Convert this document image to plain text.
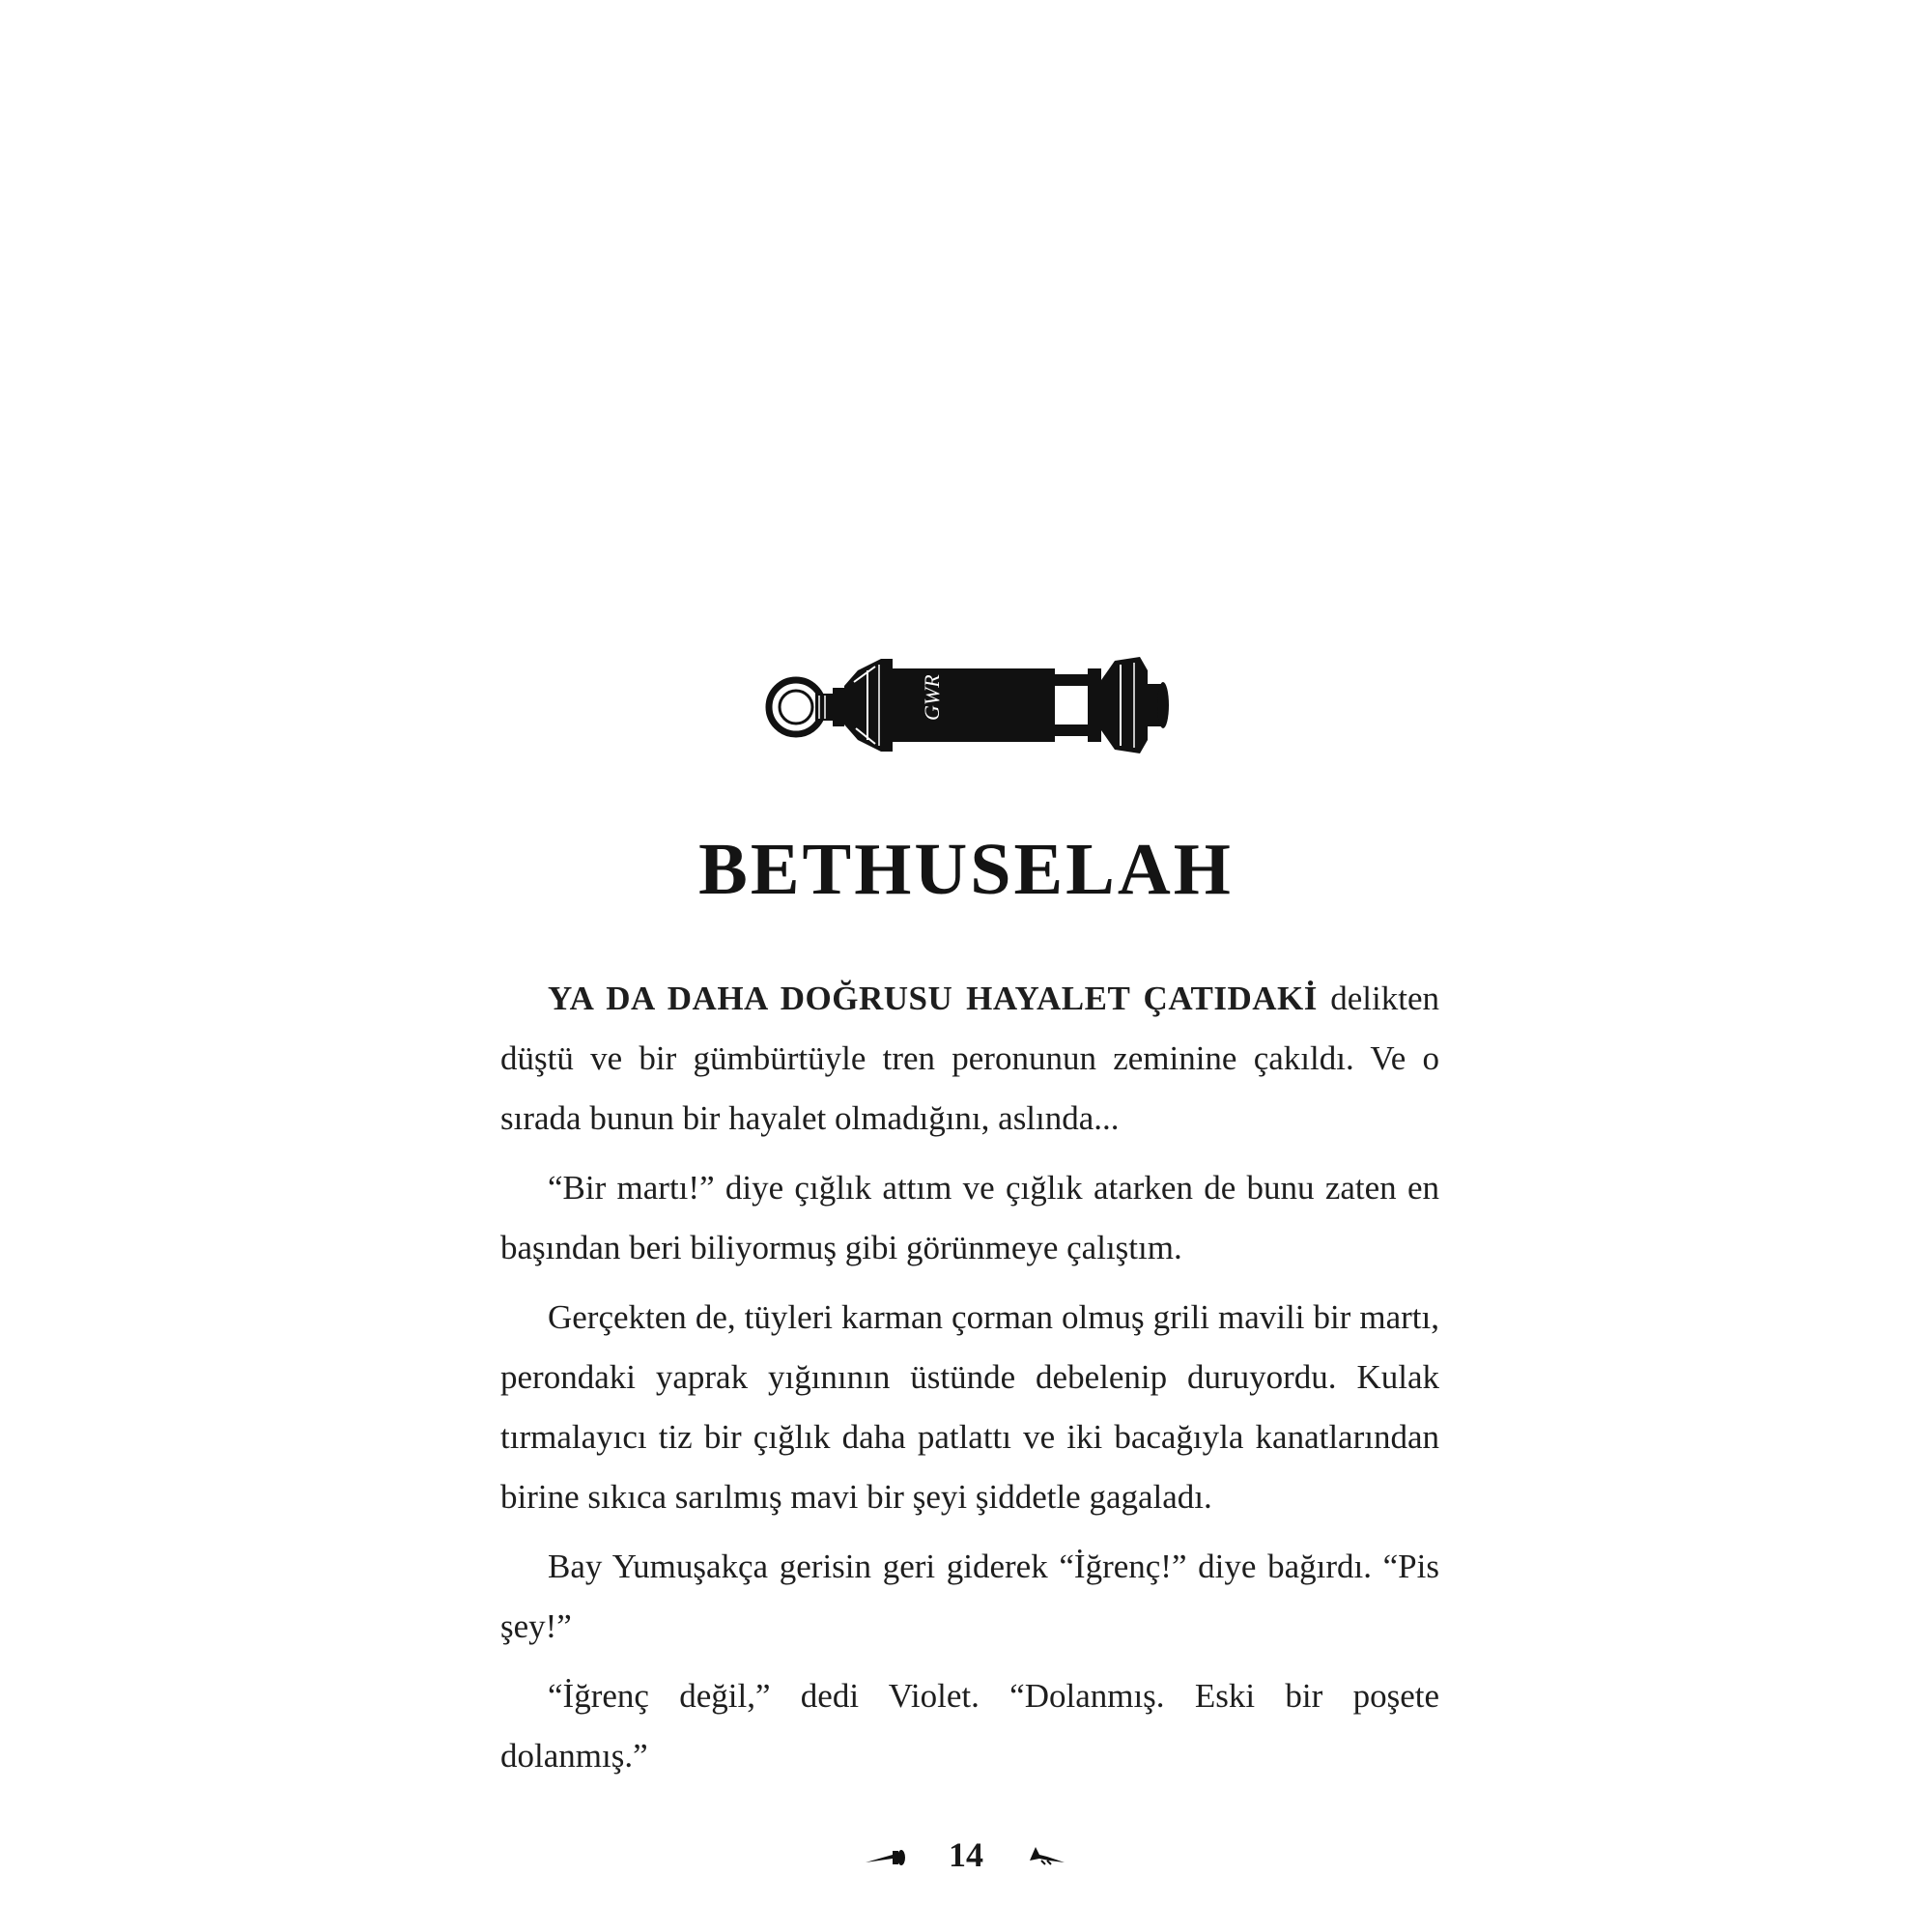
GWR
BETHUSELAH

YA DA DAHA DOĞRUSU HAYALET ÇATIDAKİ delikten düştü ve bir gümbürtüyle tren peronunun zeminine çakıldı. Ve o sırada bunun bir hayalet olmadığını, aslında...

“Bir martı!” diye çığlık attım ve çığlık atarken de bunu zaten en başından beri biliyormuş gibi görünmeye çalıştım.

Gerçekten de, tüyleri karman çorman olmuş grili mavili bir martı, perondaki yaprak yığınının üstünde debelenip duruyordu. Kulak tırmalayıcı tiz bir çığlık daha patlattı ve iki bacağıyla kanatlarından birine sıkıca sarılmış mavi bir şeyi şiddetle gagaladı.

Bay Yumuşakça gerisin geri giderek “İğrenç!” diye bağırdı. “Pis şey!”

“İğrenç değil,” dedi Violet. “Dolanmış. Eski bir poşete dolanmış.”

14
